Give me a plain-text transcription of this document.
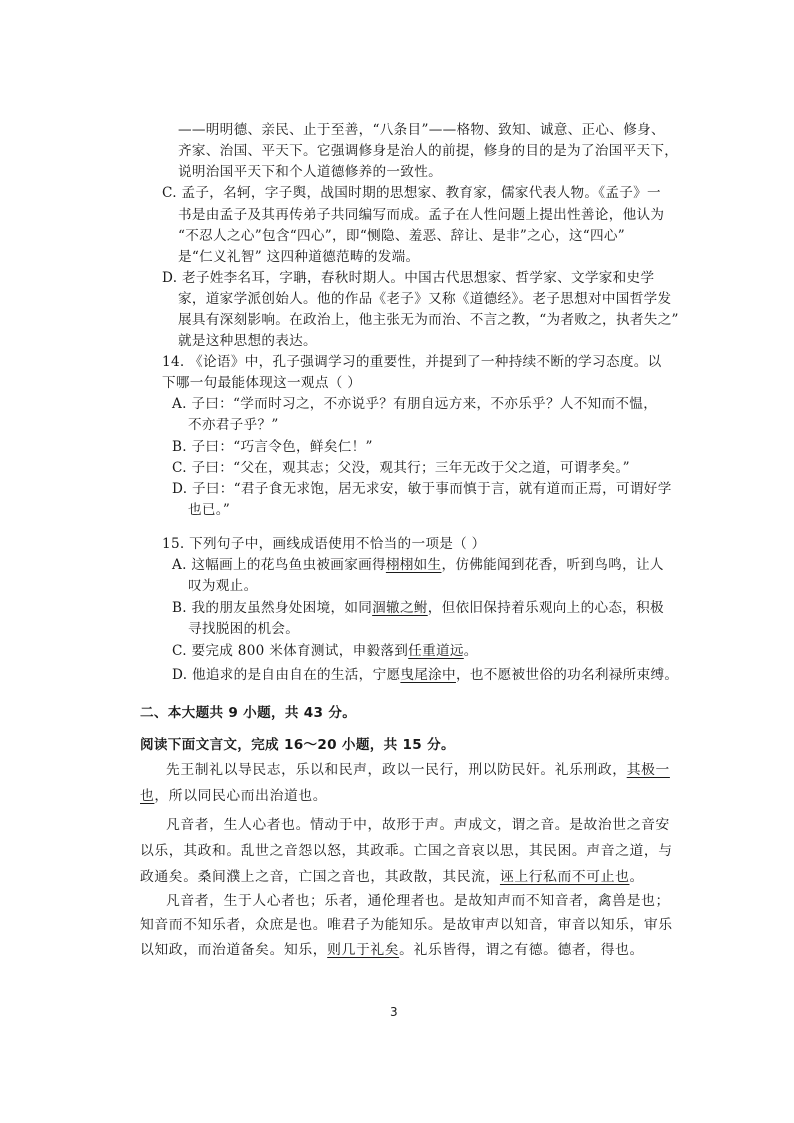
——明明德、亲民、止于至善，“八条目”——格物、致知、诚意、正心、修身、
齐家、治国、平天下。它强调修身是治人的前提，修身的目的是为了治国平天下，
说明治国平天下和个人道德修养的一致性。
C. 孟子，名轲，字子舆，战国时期的思想家、教育家，儒家代表人物。《孟子》一
书是由孟子及其再传弟子共同编写而成。孟子在人性问题上提出性善论，他认为
“不忍人之心”包含“四心”，即“恻隐、羞恶、辞让、是非”之心，这“四心”
是“仁义礼智” 这四种道德范畴的发端。
D. 老子姓李名耳，字聃，春秋时期人。中国古代思想家、哲学家、文学家和史学
家，道家学派创始人。他的作品《老子》又称《道德经》。老子思想对中国哲学发
展具有深刻影响。在政治上，他主张无为而治、不言之教，“为者败之，执者失之”
就是这种思想的表达。
14. 《论语》中，孔子强调学习的重要性，并提到了一种持续不断的学习态度。以
下哪一句最能体现这一观点（ ）
A. 子曰：“学而时习之，不亦说乎？有朋自远方来，不亦乐乎？人不知而不愠，
不亦君子乎？”
B. 子曰：“巧言令色，鲜矣仁！”
C. 子曰：“父在，观其志；父没，观其行；三年无改于父之道，可谓孝矣。”
D. 子曰：“君子食无求饱，居无求安，敏于事而慎于言，就有道而正焉，可谓好学
也已。”
15. 下列句子中，画线成语使用不恰当的一项是（ ）
A. 这幅画上的花鸟鱼虫被画家画得栩栩如生，仿佛能闻到花香，听到鸟鸣，让人
叹为观止。
B. 我的朋友虽然身处困境，如同涸辙之鲋，但依旧保持着乐观向上的心态，积极
寻找脱困的机会。
C. 要完成 800 米体育测试，申毅落到任重道远。
D. 他追求的是自由自在的生活，宁愿曳尾涂中，也不愿被世俗的功名利禄所束缚。
二、本大题共 9 小题，共 43 分。
阅读下面文言文，完成 16～20 小题，共 15 分。
先王制礼以导民志，乐以和民声，政以一民行，刑以防民奸。礼乐刑政，其极一
也，所以同民心而出治道也。
凡音者，生人心者也。情动于中，故形于声。声成文，谓之音。是故治世之音安
以乐，其政和。乱世之音怨以怒，其政乖。亡国之音哀以思，其民困。声音之道，与
政通矣。桑间濮上之音，亡国之音也，其政散，其民流，诬上行私而不可止也。
凡音者，生于人心者也；乐者，通伦理者也。是故知声而不知音者，禽兽是也；
知音而不知乐者，众庶是也。唯君子为能知乐。是故审声以知音，审音以知乐，审乐
以知政，而治道备矣。知乐，则几于礼矣。礼乐皆得，谓之有德。德者，得也。
3
